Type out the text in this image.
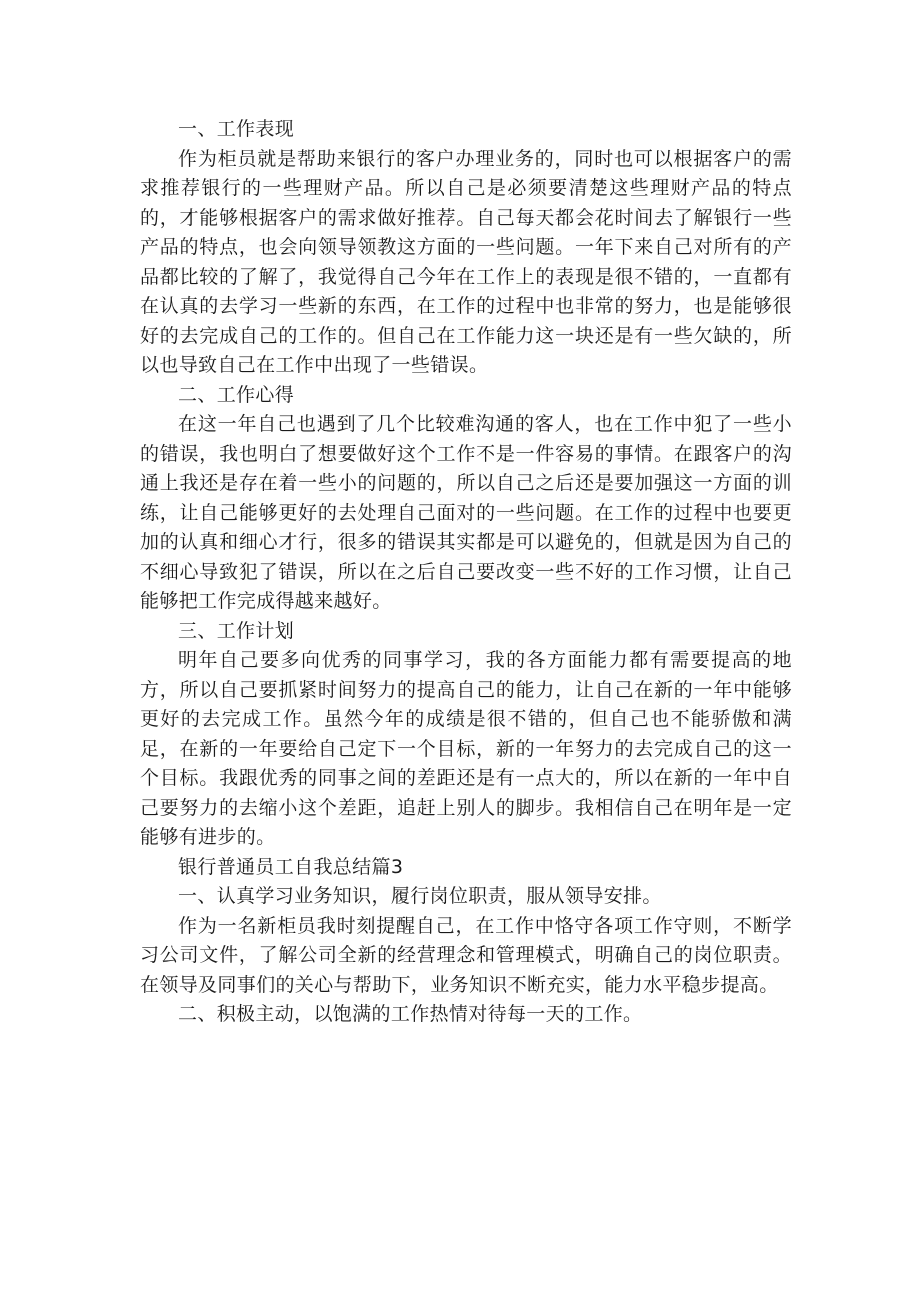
一、工作表现

作为柜员就是帮助来银行的客户办理业务的，同时也可以根据客户的需求推荐银行的一些理财产品。所以自己是必须要清楚这些理财产品的特点的，才能够根据客户的需求做好推荐。自己每天都会花时间去了解银行一些产品的特点，也会向领导领教这方面的一些问题。一年下来自己对所有的产品都比较的了解了，我觉得自己今年在工作上的表现是很不错的，一直都有在认真的去学习一些新的东西，在工作的过程中也非常的努力，也是能够很好的去完成自己的工作的。但自己在工作能力这一块还是有一些欠缺的，所以也导致自己在工作中出现了一些错误。

二、工作心得

在这一年自己也遇到了几个比较难沟通的客人，也在工作中犯了一些小的错误，我也明白了想要做好这个工作不是一件容易的事情。在跟客户的沟通上我还是存在着一些小的问题的，所以自己之后还是要加强这一方面的训练，让自己能够更好的去处理自己面对的一些问题。在工作的过程中也要更加的认真和细心才行，很多的错误其实都是可以避免的，但就是因为自己的不细心导致犯了错误，所以在之后自己要改变一些不好的工作习惯，让自己能够把工作完成得越来越好。

三、工作计划

明年自己要多向优秀的同事学习，我的各方面能力都有需要提高的地方，所以自己要抓紧时间努力的提高自己的能力，让自己在新的一年中能够更好的去完成工作。虽然今年的成绩是很不错的，但自己也不能骄傲和满足，在新的一年要给自己定下一个目标，新的一年努力的去完成自己的这一个目标。我跟优秀的同事之间的差距还是有一点大的，所以在新的一年中自己要努力的去缩小这个差距，追赶上别人的脚步。我相信自己在明年是一定能够有进步的。

银行普通员工自我总结篇3

一、认真学习业务知识，履行岗位职责，服从领导安排。

作为一名新柜员我时刻提醒自己，在工作中恪守各项工作守则，不断学习公司文件，了解公司全新的经营理念和管理模式，明确自己的岗位职责。在领导及同事们的关心与帮助下，业务知识不断充实，能力水平稳步提高。

二、积极主动，以饱满的工作热情对待每一天的工作。
